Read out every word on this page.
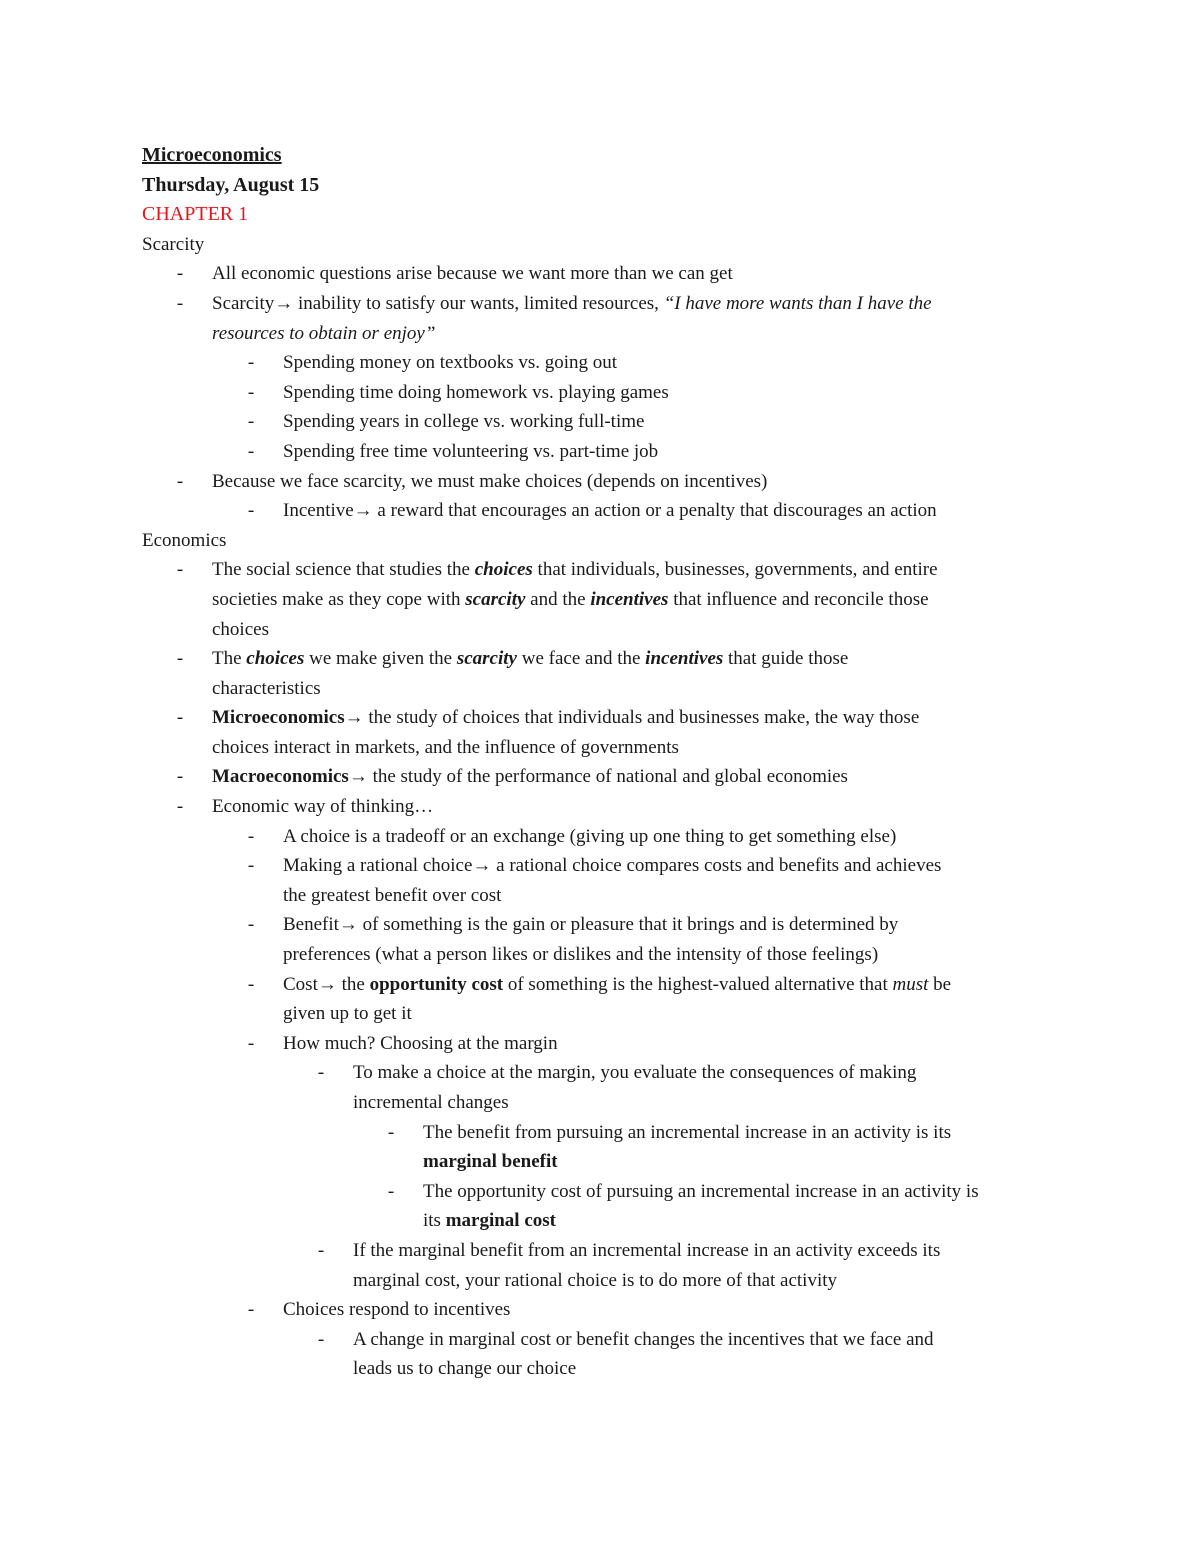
Microeconomics
Thursday, August 15
CHAPTER 1
Scarcity
-	All economic questions arise because we want more than we can get
-	Scarcity→ inability to satisfy our wants, limited resources, “I have more wants than I have the
resources to obtain or enjoy”
-	Spending money on textbooks vs. going out
-	Spending time doing homework vs. playing games
-	Spending years in college vs. working full-time
-	Spending free time volunteering vs. part-time job
-	Because we face scarcity, we must make choices (depends on incentives)
-	Incentive→ a reward that encourages an action or a penalty that discourages an action
Economics
-	The social science that studies the choices that individuals, businesses, governments, and entire
societies make as they cope with scarcity and the incentives that influence and reconcile those
choices
-	The choices we make given the scarcity we face and the incentives that guide those
characteristics
-	Microeconomics→ the study of choices that individuals and businesses make, the way those
choices interact in markets, and the influence of governments
-	Macroeconomics→ the study of the performance of national and global economies
-	Economic way of thinking…
-	A choice is a tradeoff or an exchange (giving up one thing to get something else)
-	Making a rational choice→ a rational choice compares costs and benefits and achieves
the greatest benefit over cost
-	Benefit→ of something is the gain or pleasure that it brings and is determined by
preferences (what a person likes or dislikes and the intensity of those feelings)
-	Cost→ the opportunity cost of something is the highest-valued alternative that must be
given up to get it
-	How much? Choosing at the margin
-	To make a choice at the margin, you evaluate the consequences of making
incremental changes
-	The benefit from pursuing an incremental increase in an activity is its
marginal benefit
-	The opportunity cost of pursuing an incremental increase in an activity is
its marginal cost
-	If the marginal benefit from an incremental increase in an activity exceeds its
marginal cost, your rational choice is to do more of that activity
-	Choices respond to incentives
-	A change in marginal cost or benefit changes the incentives that we face and
leads us to change our choice
